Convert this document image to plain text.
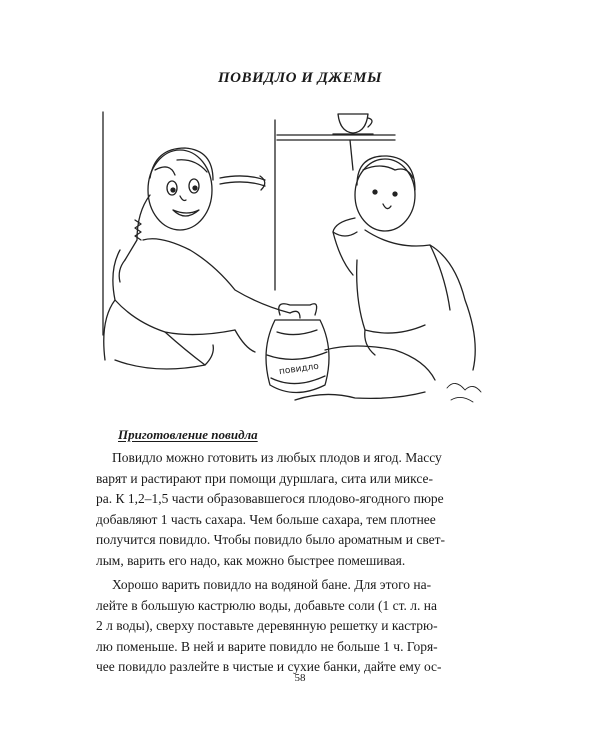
ПОВИДЛО И ДЖЕМЫ
повидло
Приготовление повидла
Повидло можно готовить из любых плодов и ягод. Массу
варят и растирают при помощи дуршлага, сита или миксе-
ра. К 1,2–1,5 части образовавшегося плодово-ягодного пюре
добавляют 1 часть сахара. Чем больше сахара, тем плотнее
получится повидло. Чтобы повидло было ароматным и свет-
лым, варить его надо, как можно быстрее помешивая.
Хорошо варить повидло на водяной бане. Для этого на-
лейте в большую кастрюлю воды, добавьте соли (1 ст. л. на
2 л воды), сверху поставьте деревянную решетку и кастрю-
лю поменьше. В ней и варите повидло не больше 1 ч. Горя-
чее повидло разлейте в чистые и сухие банки, дайте ему ос-
58
